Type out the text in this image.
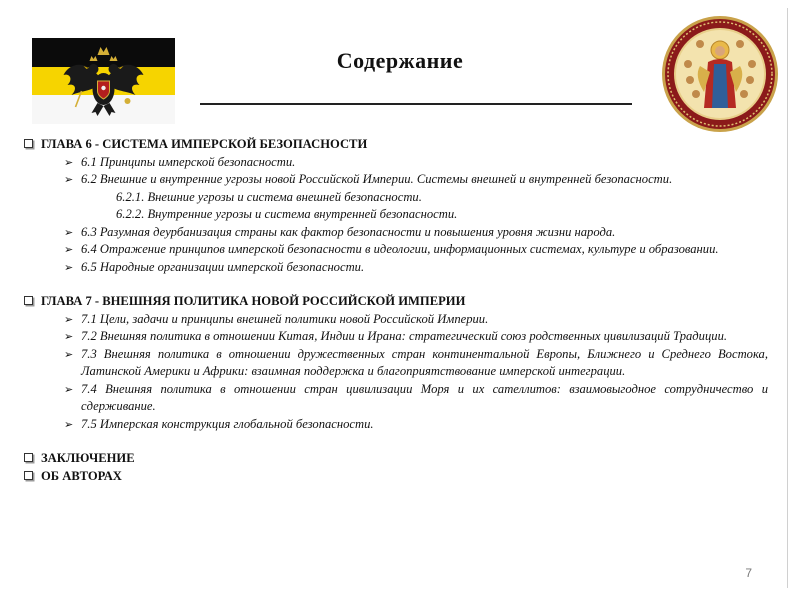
Содержание
ГЛАВА 6 - СИСТЕМА ИМПЕРСКОЙ БЕЗОПАСНОСТИ
➢ 6.1 Принципы имперской безопасности.
➢ 6.2 Внешние и внутренние угрозы новой Российской Империи. Системы внешней и внутренней безопасности.
6.2.1. Внешние угрозы и система внешней безопасности.
6.2.2. Внутренние угрозы и система внутренней безопасности.
➢ 6.3 Разумная деурбанизация страны как фактор безопасности и повышения уровня жизни народа.
➢ 6.4 Отражение принципов имперской безопасности в идеологии, информационных системах, культуре и образовании.
➢ 6.5 Народные организации имперской безопасности.
ГЛАВА 7 - ВНЕШНЯЯ ПОЛИТИКА НОВОЙ РОССИЙСКОЙ ИМПЕРИИ
➢ 7.1 Цели, задачи и принципы внешней политики новой Российской Империи.
➢ 7.2 Внешняя политика в отношении Китая, Индии и Ирана: стратегический союз родственных цивилизаций Традиции.
➢ 7.3 Внешняя политика в отношении дружественных стран континентальной Европы, Ближнего и Среднего Востока, Латинской Америки и Африки: взаимная поддержка и благоприятствование имперской интеграции.
➢ 7.4 Внешняя политика в отношении стран цивилизации Моря и их сателлитов: взаимовыгодное сотрудничество и сдерживание.
➢ 7.5 Имперская конструкция глобальной безопасности.
ЗАКЛЮЧЕНИЕ
ОБ АВТОРАХ
7
